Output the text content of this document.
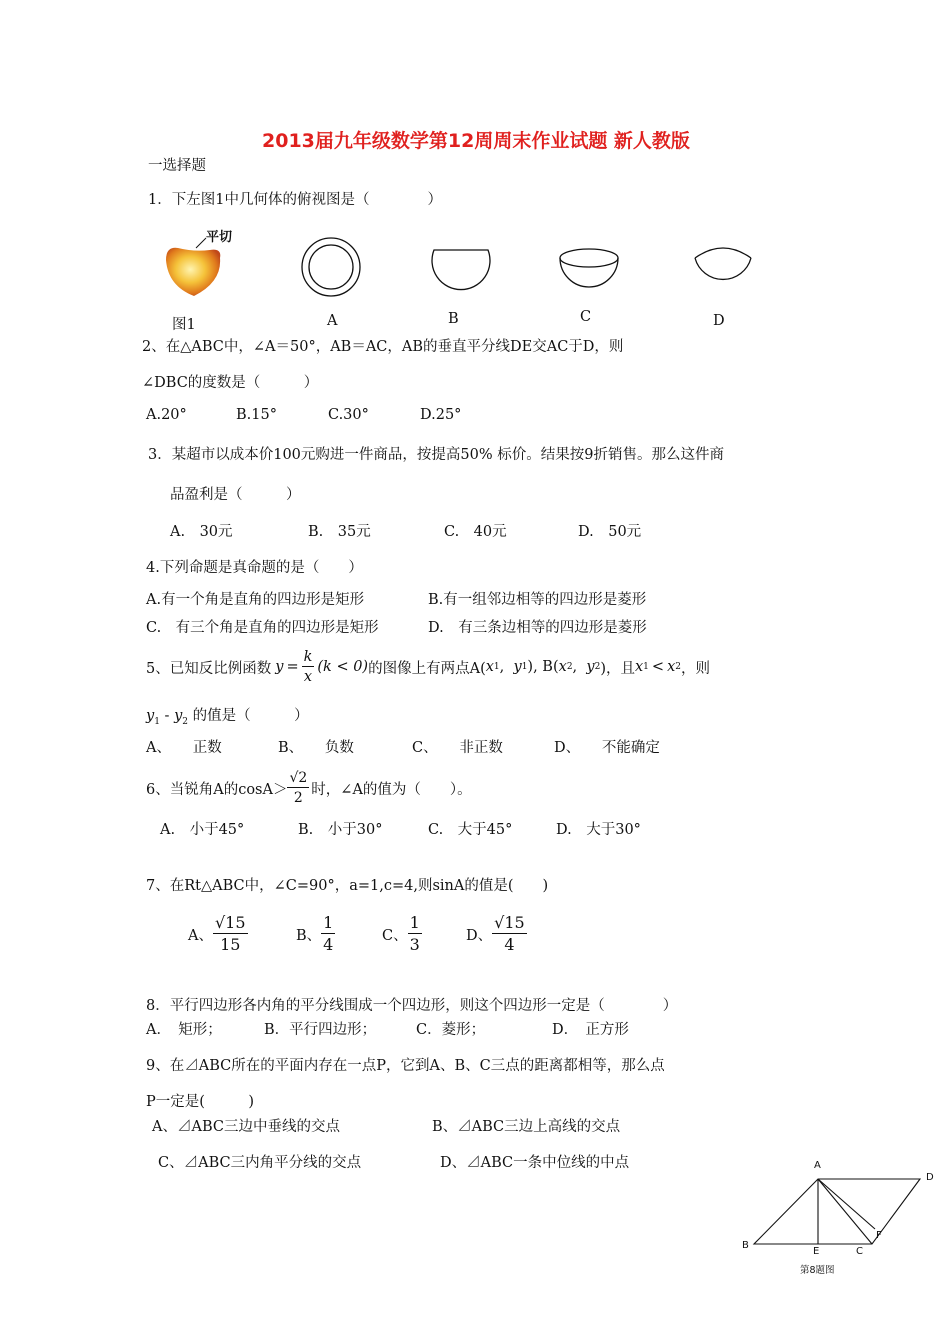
2013届九年级数学第12周周末作业试题 新人教版
一选择题
1．下左图1中几何体的俯视图是（　　　　）
平切
图1	A	B	C	D
2、在△ABC中，∠A＝50°，AB＝AC，AB的垂直平分线DE交AC于D，则
∠DBC的度数是（　　　）
A.20°	B.15°	C.30°	D.25°
3．某超市以成本价100元购进一件商品，按提高50% 标价。结果按9折销售。那么这件商
品盈利是（　　　）
A.　30元	B.　35元	C.　40元	D.　50元
4.下列命题是真命题的是（　　）
A.有一个角是直角的四边形是矩形	B.有一组邻边相等的四边形是菱形
C.　有三个角是直角的四边形是矩形	D.　有三条边相等的四边形是菱形
5、已知反比例函数 $y = \frac{k}{x} (k < 0)$ 的图像上有两点A( x 1 , y 1 ), B( x 2 , y 2 )，且 x 1 < x 2 ，则
$y_1 - y_2$ 的值是（　　　）
A、　　正数	B、　　负数	C、　　非正数	D、　　不能确定
6、当锐角A的$\cos A> \frac{√2}{2}$ 时，∠A的值为（　　）。
A.　小于45°	B.　小于30°	C.　大于45°	D.　大于30°
7、在Rt△ABC中，∠C=90°，a=1,c=4,则sinA的值是(　　)
A、 $\frac{√15}{15}$	B、 $\frac{1}{4}$	C、 $\frac{1}{3}$	D、 $\frac{√15}{4}$
8．平行四边形各内角的平分线围成一个四边形，则这个四边形一定是（　　　　）
A．　矩形；	B．平行四边形；	C．菱形；	D．　正方形
9、在⊿ABC所在的平面内存在一点P，它到A、B、C三点的距离都相等，那么点
P一定是(　　　)
A、⊿ABC三边中垂线的交点	B、⊿ABC三边上高线的交点
C、⊿ABC三内角平分线的交点	D、⊿ABC一条中位线的中点	A
D
B
E	C
F
第8题图
